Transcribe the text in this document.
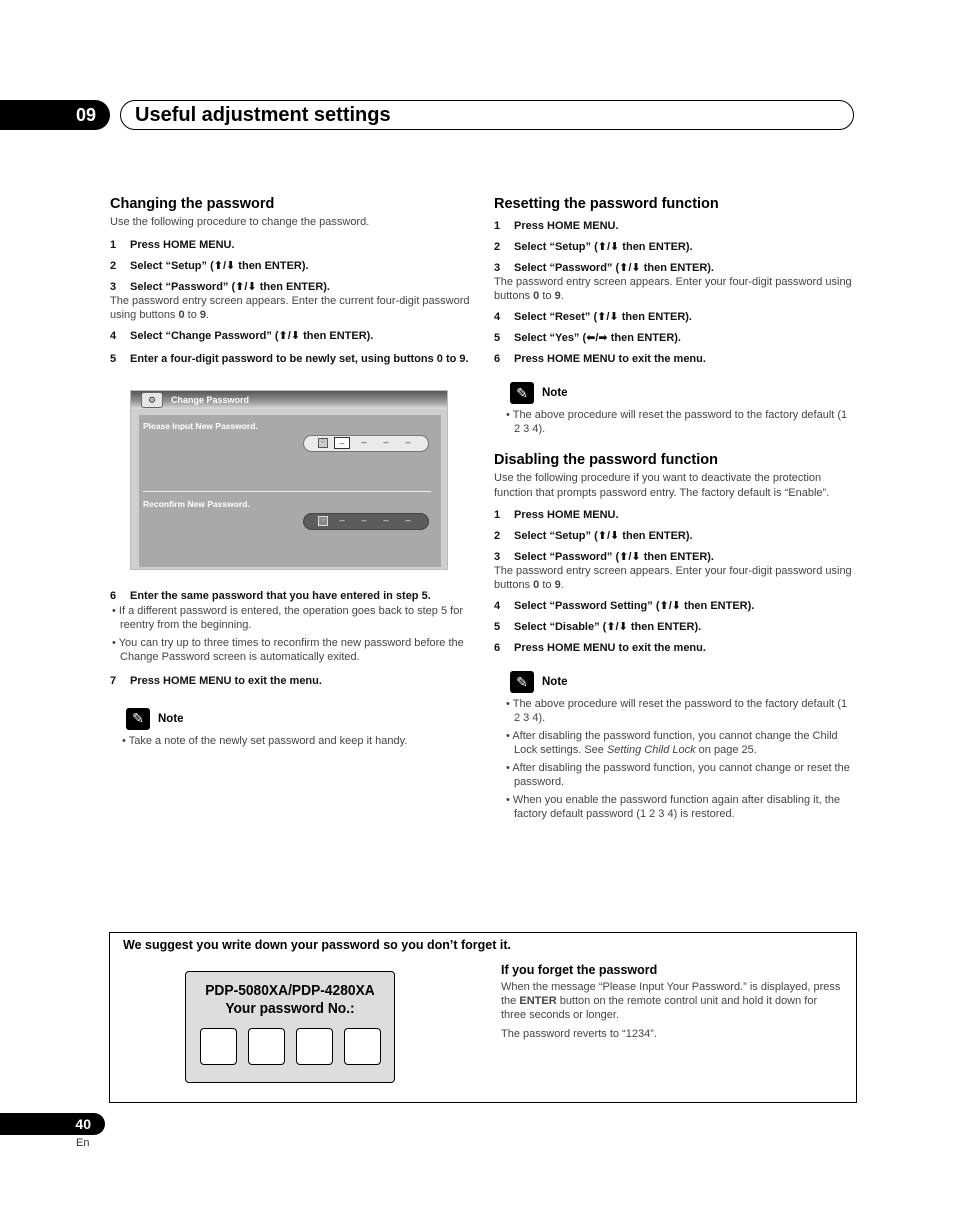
09	Useful adjustment settings
Changing the password

Use the following procedure to change the password.

1 Press HOME MENU.
2 Select “Setup” (⬆/⬇ then ENTER).
3 Select “Password” (⬆/⬇ then ENTER).

The password entry screen appears. Enter the current four-digit password using buttons 0 to 9.

4 Select “Change Password” (⬆/⬇ then ENTER).
5 Enter a four-digit password to be newly set, using buttons 0 to 9.
⚙	Change Password
Please Input New Password.
⁘	–	–	–	–
Reconfirm New Password.
⁘	–	–	–	–
6 Enter the same password that you have entered in step 5.

• If a different password is entered, the operation goes back to step 5 for reentry from the beginning.

• You can try up to three times to reconfirm the new password before the Change Password screen is automatically exited.

7 Press HOME MENU to exit the menu.
✎	Note

• Take a note of the newly set password and keep it handy.

Resetting the password function
1 Press HOME MENU.
2 Select “Setup” (⬆/⬇ then ENTER).
3 Select “Password” (⬆/⬇ then ENTER).

The password entry screen appears. Enter your four-digit password using buttons 0 to 9.

4 Select “Reset” (⬆/⬇ then ENTER).
5 Select “Yes” (⬅/➡ then ENTER).
6 Press HOME MENU to exit the menu.
✎	Note

• The above procedure will reset the password to the factory default (1 2 3 4).

Disabling the password function

Use the following procedure if you want to deactivate the protection function that prompts password entry. The factory default is “Enable”.

1 Press HOME MENU.
2 Select “Setup” (⬆/⬇ then ENTER).
3 Select “Password” (⬆/⬇ then ENTER).

The password entry screen appears. Enter your four-digit password using buttons 0 to 9.

4 Select “Password Setting” (⬆/⬇ then ENTER).
5 Select “Disable” (⬆/⬇ then ENTER).
6 Press HOME MENU to exit the menu.
✎	Note

• The above procedure will reset the password to the factory default (1 2 3 4).

• After disabling the password function, you cannot change the Child Lock settings. See Setting Child Lock on page 25.

• After disabling the password function, you cannot change or reset the password.

• When you enable the password function again after disabling it, the factory default password (1 2 3 4) is restored.

We suggest you write down your password so you don’t forget it.
PDP-5080XA/PDP-4280XA
Your password No.:
If you forget the password

When the message “Please Input Your Password.” is displayed, press the ENTER button on the remote control unit and hold it down for three seconds or longer.

The password reverts to “1234”.

40
En
